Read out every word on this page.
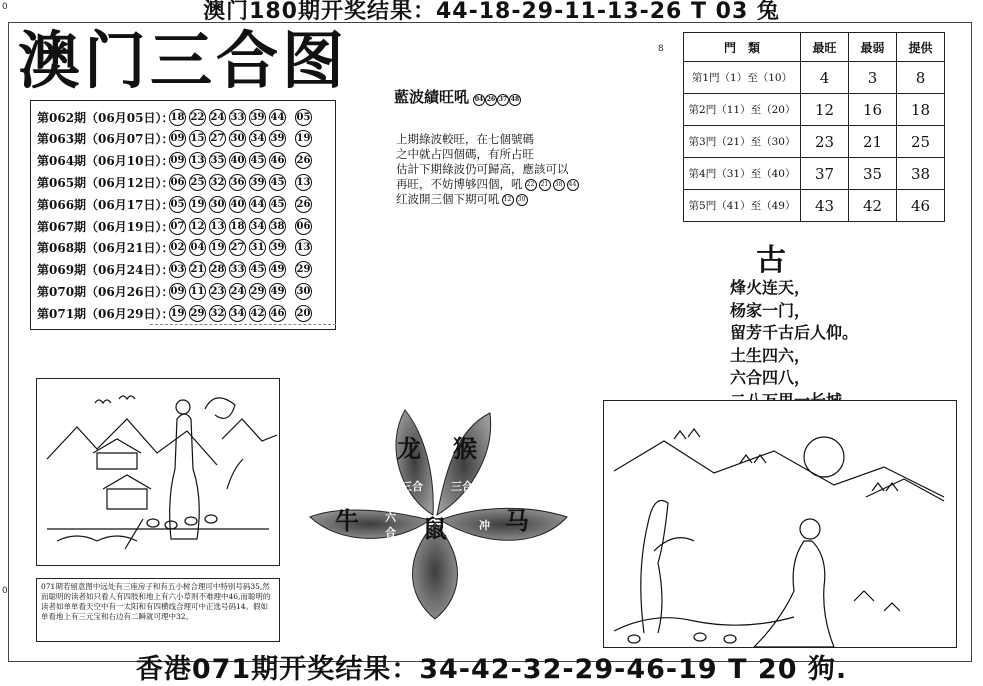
0
0
8
澳门180期开奖结果：44-18-29-11-13-26 T 03 兔
澳门三合图
第062期（06月05日）：
18 22 24 33 39 44 05
第063期（06月07日）：
09 15 27 30 34 39 19
第064期（06月10日）：
09 13 35 40 45 46 26
第065期（06月12日）：
06 25 32 36 39 45 13
第066期（06月17日）：
05 19 30 40 44 45 26
第067期（06月19日）：
07 12 13 18 34 38 06
第068期（06月21日）：
02 04 19 27 31 39 13
第069期（06月24日）：
03 21 28 33 45 49 29
第070期（06月26日）：
09 11 23 24 29 49 30
第071期（06月29日）：
19 29 32 34 42 46 20
藍波績旺吼 04 26 37 48
上期綠波較旺，在七個號碼
之中就占四個碼，有所占旺
估計下期綠波仍可歸高，應該可以
再旺，不妨博够四個，吼 22	21	38	44
红波開三個下期可吼 12	30
門　類	最旺	最弱	提供
第1門（1）至（10）	4	3	8
第2門（11）至（20）	12	16	18
第3門（21）至（30）	23	21	25
第4門（31）至（40）	37	35	38
第5門（41）至（49）	43	42	46
古
烽火连天，
杨家一门，
留芳千古后人仰。
土生四六，
六合四八，
龙 猴
牛	鼠 马
三合	三合
六
合
冲
071期若留意图中远处有三座房子和有五小树合理可中特别号码35,然而聪明的读者如只看人有四肢和地上有六小草则不难理中46,而聪明的读者如单单看天空中有一太阳和有四横线合理可中正选号码14。假如单看地上有三元宝和右边有二瞬就可理中32。
香港071期开奖结果：34-42-32-29-46-19 T 20 狗.
